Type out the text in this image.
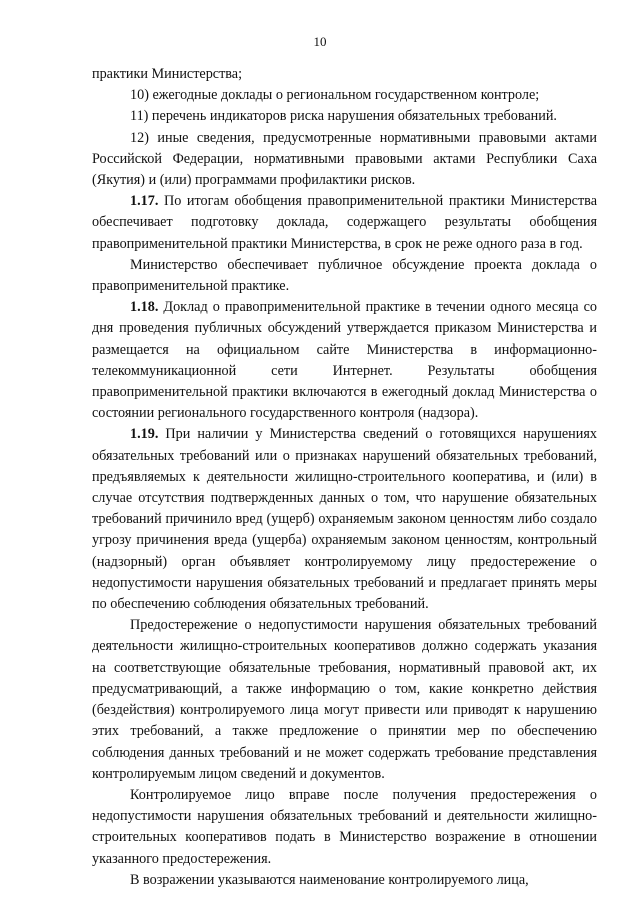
10

практики Министерства;

10) ежегодные доклады о региональном государственном контроле;

11) перечень индикаторов риска нарушения обязательных требований.

12) иные сведения, предусмотренные нормативными правовыми актами Российской Федерации, нормативными правовыми актами Республики Саха (Якутия) и (или) программами профилактики рисков.

1.17. По итогам обобщения правоприменительной практики Министерства обеспечивает подготовку доклада, содержащего результаты обобщения правоприменительной практики Министерства, в срок не реже одного раза в год.

Министерство обеспечивает публичное обсуждение проекта доклада о правоприменительной практике.

1.18. Доклад о правоприменительной практике в течении одного месяца со дня проведения публичных обсуждений утверждается приказом Министерства и размещается на официальном сайте Министерства в информационно-телекоммуникационной сети Интернет. Результаты обобщения правоприменительной практики включаются в ежегодный доклад Министерства о состоянии регионального государственного контроля (надзора).

1.19. При наличии у Министерства сведений о готовящихся нарушениях обязательных требований или о признаках нарушений обязательных требований, предъявляемых к деятельности жилищно-строительного кооператива, и (или) в случае отсутствия подтвержденных данных о том, что нарушение обязательных требований причинило вред (ущерб) охраняемым законом ценностям либо создало угрозу причинения вреда (ущерба) охраняемым законом ценностям, контрольный (надзорный) орган объявляет контролируемому лицу предостережение о недопустимости нарушения обязательных требований и предлагает принять меры по обеспечению соблюдения обязательных требований.

Предостережение о недопустимости нарушения обязательных требований деятельности жилищно-строительных кооперативов должно содержать указания на соответствующие обязательные требования, нормативный правовой акт, их предусматривающий, а также информацию о том, какие конкретно действия (бездействия) контролируемого лица могут привести или приводят к нарушению этих требований, а также предложение о принятии мер по обеспечению соблюдения данных требований и не может содержать требование представления контролируемым лицом сведений и документов.

Контролируемое лицо вправе после получения предостережения о недопустимости нарушения обязательных требований и деятельности жилищно-строительных кооперативов подать в Министерство возражение в отношении указанного предостережения.

В возражении указываются наименование контролируемого лица,
